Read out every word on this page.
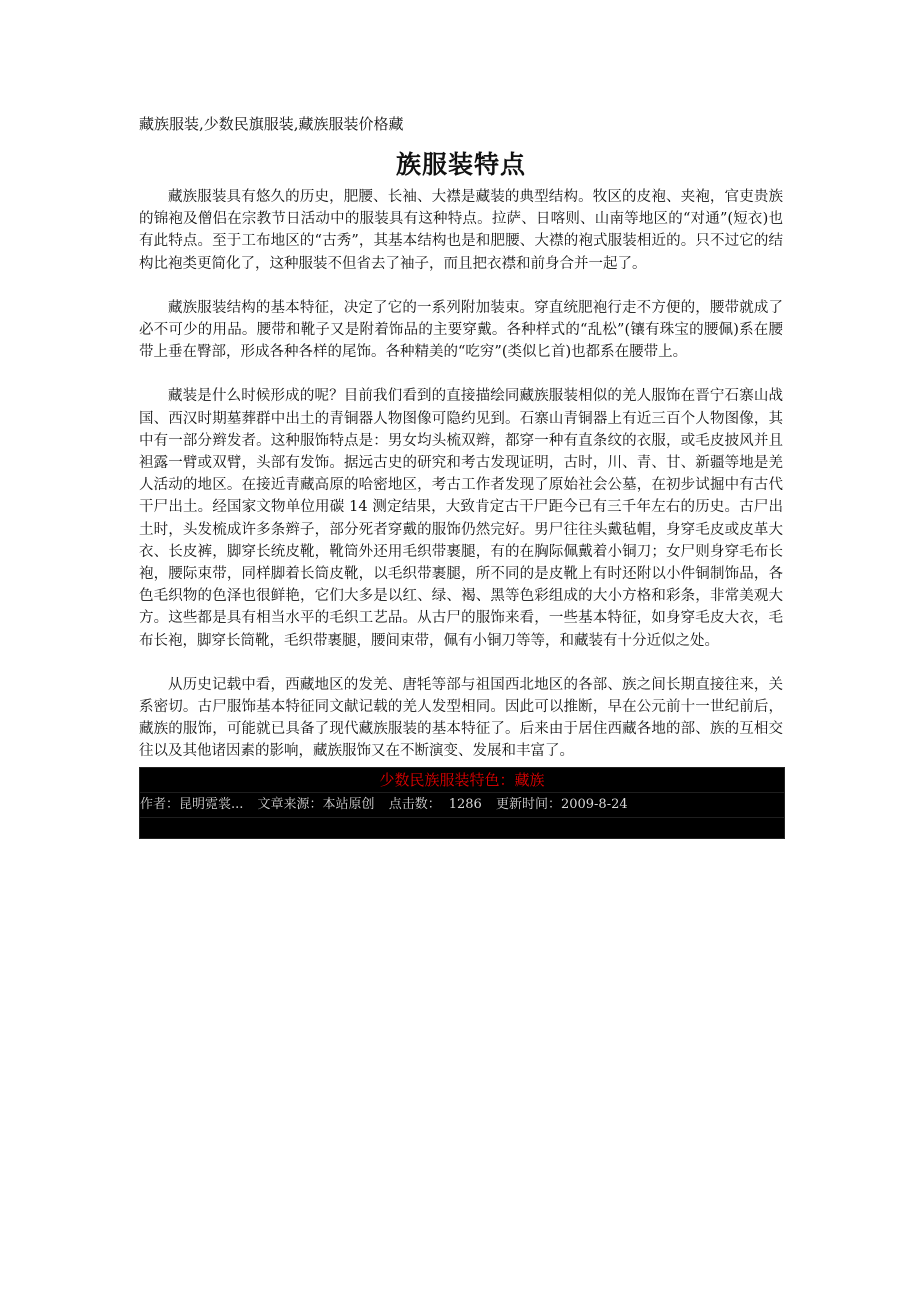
藏族服装,少数民旗服装,藏族服装价格藏
族服装特点

藏族服装具有悠久的历史，肥腰、长袖、大襟是藏装的典型结构。牧区的皮袍、夹袍，官吏贵族的锦袍及僧侣在宗教节日活动中的服装具有这种特点。拉萨、日喀则、山南等地区的“对通”(短衣)也有此特点。至于工布地区的“古秀”，其基本结构也是和肥腰、大襟的袍式服装相近的。只不过它的结构比袍类更简化了，这种服装不但省去了袖子，而且把衣襟和前身合并一起了。

藏族服装结构的基本特征，决定了它的一系列附加装束。穿直统肥袍行走不方便的，腰带就成了必不可少的用品。腰带和靴子又是附着饰品的主要穿戴。各种样式的“乱松”(镶有珠宝的腰佩)系在腰带上垂在臀部，形成各种各样的尾饰。各种精美的“吃穷”(类似匕首)也都系在腰带上。

藏装是什么时候形成的呢？目前我们看到的直接描绘同藏族服装相似的羌人服饰在晋宁石寨山战国、西汉时期墓葬群中出土的青铜器人物图像可隐约见到。石寨山青铜器上有近三百个人物图像，其中有一部分辫发者。这种服饰特点是：男女均头梳双辫，都穿一种有直条纹的衣服，或毛皮披风并且袒露一臂或双臂，头部有发饰。据远古史的研究和考古发现证明，古时，川、青、甘、新疆等地是羌人活动的地区。在接近青藏高原的哈密地区，考古工作者发现了原始社会公墓，在初步试掘中有古代干尸出土。经国家文物单位用碳 14 测定结果，大致肯定古干尸距今已有三千年左右的历史。古尸出土时，头发梳成许多条辫子，部分死者穿戴的服饰仍然完好。男尸往往头戴毡帽，身穿毛皮或皮革大衣、长皮裤，脚穿长统皮靴，靴筒外还用毛织带裹腿，有的在胸际佩戴着小铜刀；女尸则身穿毛布长袍，腰际束带，同样脚着长筒皮靴，以毛织带裹腿，所不同的是皮靴上有时还附以小件铜制饰品，各色毛织物的色泽也很鲜艳，它们大多是以红、绿、褐、黑等色彩组成的大小方格和彩条，非常美观大方。这些都是具有相当水平的毛织工艺品。从古尸的服饰来看，一些基本特征，如身穿毛皮大衣，毛布长袍，脚穿长筒靴，毛织带裹腿，腰间束带，佩有小铜刀等等，和藏装有十分近似之处。

从历史记载中看，西藏地区的发羌、唐牦等部与祖国西北地区的各部、族之间长期直接往来，关系密切。古尸服饰基本特征同文献记载的羌人发型相同。因此可以推断，早在公元前十一世纪前后，藏族的服饰，可能就已具备了现代藏族服装的基本特征了。后来由于居住西藏各地的部、族的互相交往以及其他诸因素的影响，藏族服饰又在不断演变、发展和丰富了。

少数民族服装特色：藏族
作者：昆明霓裳... 文章来源：本站原创 点击数： 1286 更新时间：2009-8-24
